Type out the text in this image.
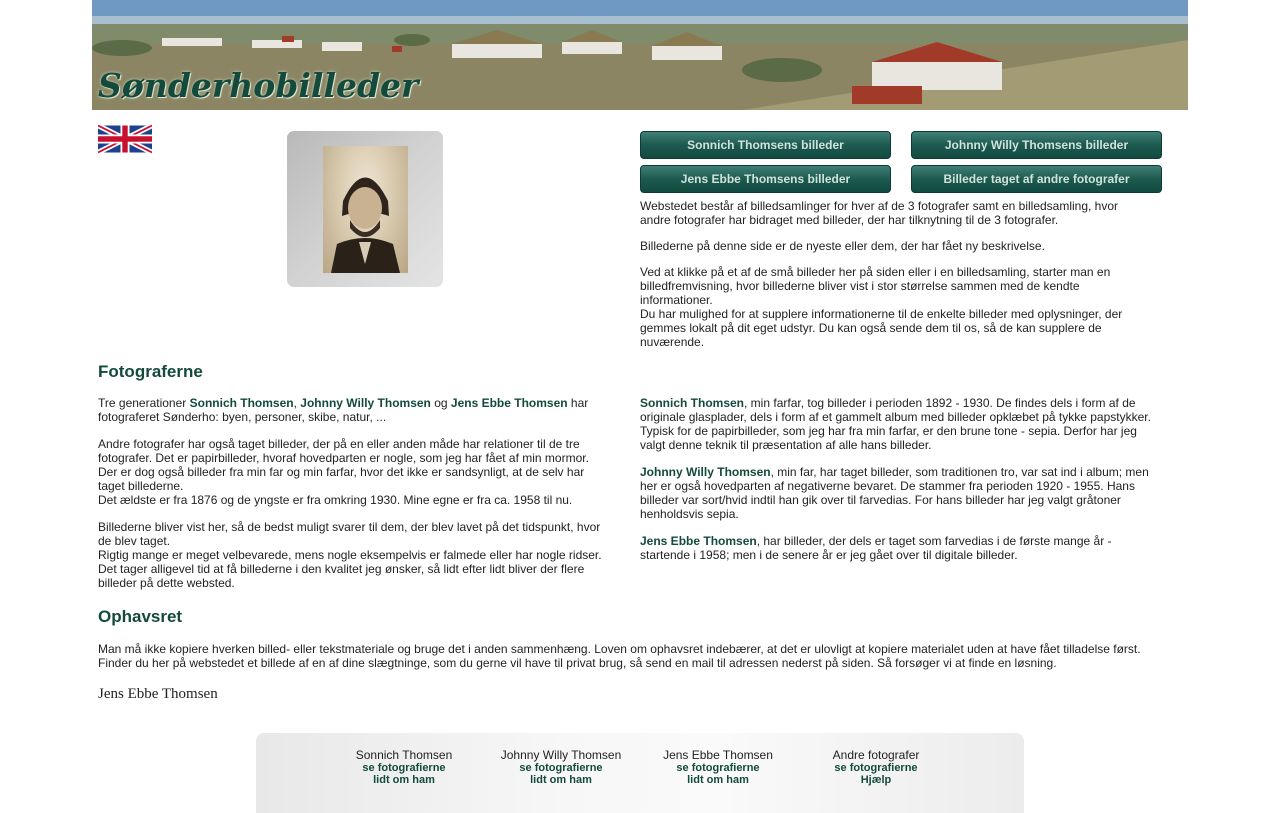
Sønderhobilleder
Sonnich Thomsens billeder	Johnny Willy Thomsens billeder
Jens Ebbe Thomsens billeder	Billeder taget af andre fotografer

Webstedet består af billedsamlinger for hver af de 3 fotografer samt en billedsamling, hvor andre fotografer har bidraget med billeder, der har tilknytning til de 3 fotografer.

Billederne på denne side er de nyeste eller dem, der har fået ny beskrivelse.

Ved at klikke på et af de små billeder her på siden eller i en billedsamling, starter man en billedfremvisning, hvor billederne bliver vist i stor størrelse sammen med de kendte informationer.

Du har mulighed for at supplere informationerne til de enkelte billeder med oplysninger, der gemmes lokalt på dit eget udstyr. Du kan også sende dem til os, så de kan supplere de nuværende.

Fotograferne

Tre generationer Sonnich Thomsen, Johnny Willy Thomsen og Jens Ebbe Thomsen har fotograferet Sønderho: byen, personer, skibe, natur, ...

Andre fotografer har også taget billeder, der på en eller anden måde har relationer til de tre fotografer. Det er papirbilleder, hvoraf hovedparten er nogle, som jeg har fået af min mormor.

Der er dog også billeder fra min far og min farfar, hvor det ikke er sandsynligt, at de selv har taget billederne.

Det ældste er fra 1876 og de yngste er fra omkring 1930. Mine egne er fra ca. 1958 til nu.

Billederne bliver vist her, så de bedst muligt svarer til dem, der blev lavet på det tidspunkt, hvor de blev taget.

Rigtig mange er meget velbevarede, mens nogle eksempelvis er falmede eller har nogle ridser.

Det tager alligevel tid at få billederne i den kvalitet jeg ønsker, så lidt efter lidt bliver der flere billeder på dette websted.

Sonnich Thomsen, min farfar, tog billeder i perioden 1892 - 1930. De findes dels i form af de originale glasplader, dels i form af et gammelt album med billeder opklæbet på tykke papstykker. Typisk for de papirbilleder, som jeg har fra min farfar, er den brune tone - sepia. Derfor har jeg valgt denne teknik til præsentation af alle hans billeder.

Johnny Willy Thomsen, min far, har taget billeder, som traditionen tro, var sat ind i album; men her er også hovedparten af negativerne bevaret. De stammer fra perioden 1920 - 1955. Hans billeder var sort/hvid indtil han gik over til farvedias. For hans billeder har jeg valgt gråtoner henholdsvis sepia.

Jens Ebbe Thomsen, har billeder, der dels er taget som farvedias i de første mange år - startende i 1958; men i de senere år er jeg gået over til digitale billeder.

Ophavsret

Man må ikke kopiere hverken billed- eller tekstmateriale og bruge det i anden sammenhæng. Loven om ophavsret indebærer, at det er ulovligt at kopiere materialet uden at have fået tilladelse først.

Finder du her på webstedet et billede af en af dine slægtninge, som du gerne vil have til privat brug, så send en mail til adressen nederst på siden. Så forsøger vi at finde en løsning.

Jens Ebbe Thomsen
Sonnich Thomsen
se fotografierne
lidt om ham
Johnny Willy Thomsen
se fotografierne
lidt om ham
Jens Ebbe Thomsen
se fotografierne
lidt om ham
Andre fotografer
se fotografierne
Hjælp
